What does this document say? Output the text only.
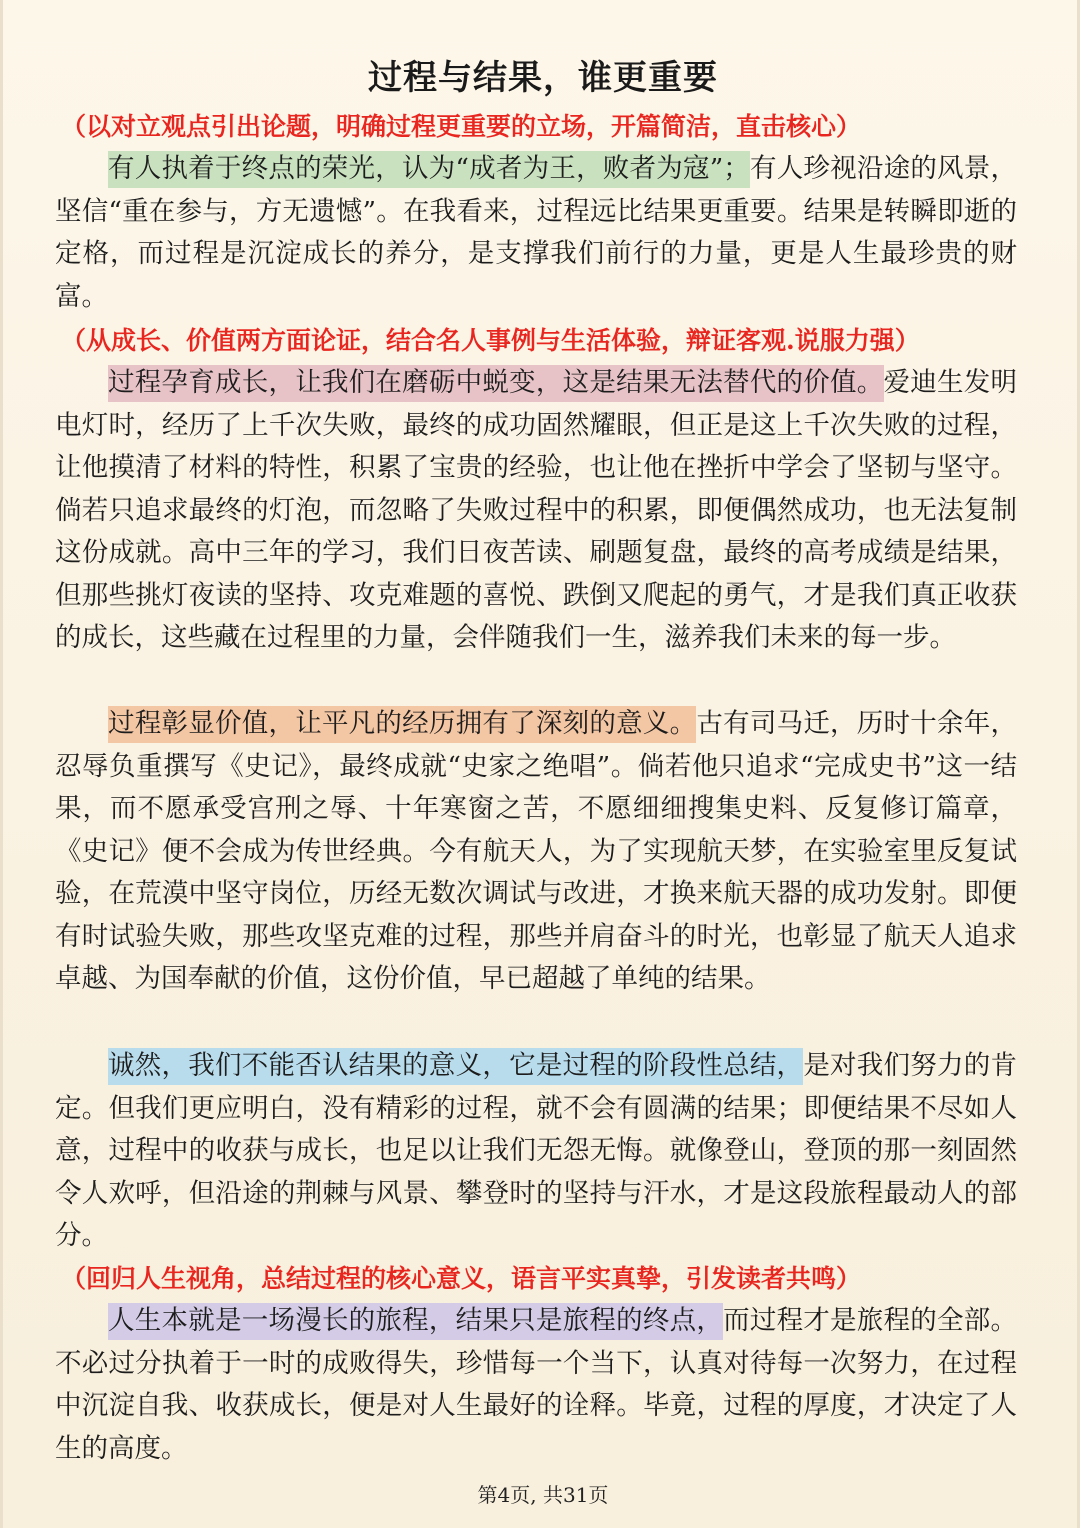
过程与结果，谁更重要
（以对立观点引出论题，明确过程更重要的立场，开篇简洁，直击核心）

有人执着于终点的荣光，认为“成者为王，败者为寇”；有人珍视沿途的风景，坚信“重在参与，方无遗憾”。在我看来，过程远比结果更重要。结果是转瞬即逝的定格，而过程是沉淀成长的养分，是支撑我们前行的力量，更是人生最珍贵的财富。

（从成长、价值两方面论证，结合名人事例与生活体验，辩证客观.说服力强）

过程孕育成长，让我们在磨砺中蜕变，这是结果无法替代的价值。爱迪生发明电灯时，经历了上千次失败，最终的成功固然耀眼，但正是这上千次失败的过程，让他摸清了材料的特性，积累了宝贵的经验，也让他在挫折中学会了坚韧与坚守。倘若只追求最终的灯泡，而忽略了失败过程中的积累，即便偶然成功，也无法复制这份成就。高中三年的学习，我们日夜苦读、刷题复盘，最终的高考成绩是结果，但那些挑灯夜读的坚持、攻克难题的喜悦、跌倒又爬起的勇气，才是我们真正收获的成长，这些藏在过程里的力量，会伴随我们一生，滋养我们未来的每一步。

过程彰显价值，让平凡的经历拥有了深刻的意义。古有司马迁，历时十余年，忍辱负重撰写《史记》，最终成就“史家之绝唱”。倘若他只追求“完成史书”这一结果，而不愿承受宫刑之辱、十年寒窗之苦，不愿细细搜集史料、反复修订篇章，《史记》便不会成为传世经典。今有航天人，为了实现航天梦，在实验室里反复试验，在荒漠中坚守岗位，历经无数次调试与改进，才换来航天器的成功发射。即便有时试验失败，那些攻坚克难的过程，那些并肩奋斗的时光，也彰显了航天人追求卓越、为国奉献的价值，这份价值，早已超越了单纯的结果。

诚然，我们不能否认结果的意义，它是过程的阶段性总结，是对我们努力的肯定。但我们更应明白，没有精彩的过程，就不会有圆满的结果；即便结果不尽如人意，过程中的收获与成长，也足以让我们无怨无悔。就像登山，登顶的那一刻固然令人欢呼，但沿途的荆棘与风景、攀登时的坚持与汗水，才是这段旅程最动人的部分。

（回归人生视角，总结过程的核心意义，语言平实真挚，引发读者共鸣）

人生本就是一场漫长的旅程，结果只是旅程的终点，而过程才是旅程的全部。不必过分执着于一时的成败得失，珍惜每一个当下，认真对待每一次努力，在过程中沉淀自我、收获成长，便是对人生最好的诠释。毕竟，过程的厚度，才决定了人生的高度。

第4页, 共31页
